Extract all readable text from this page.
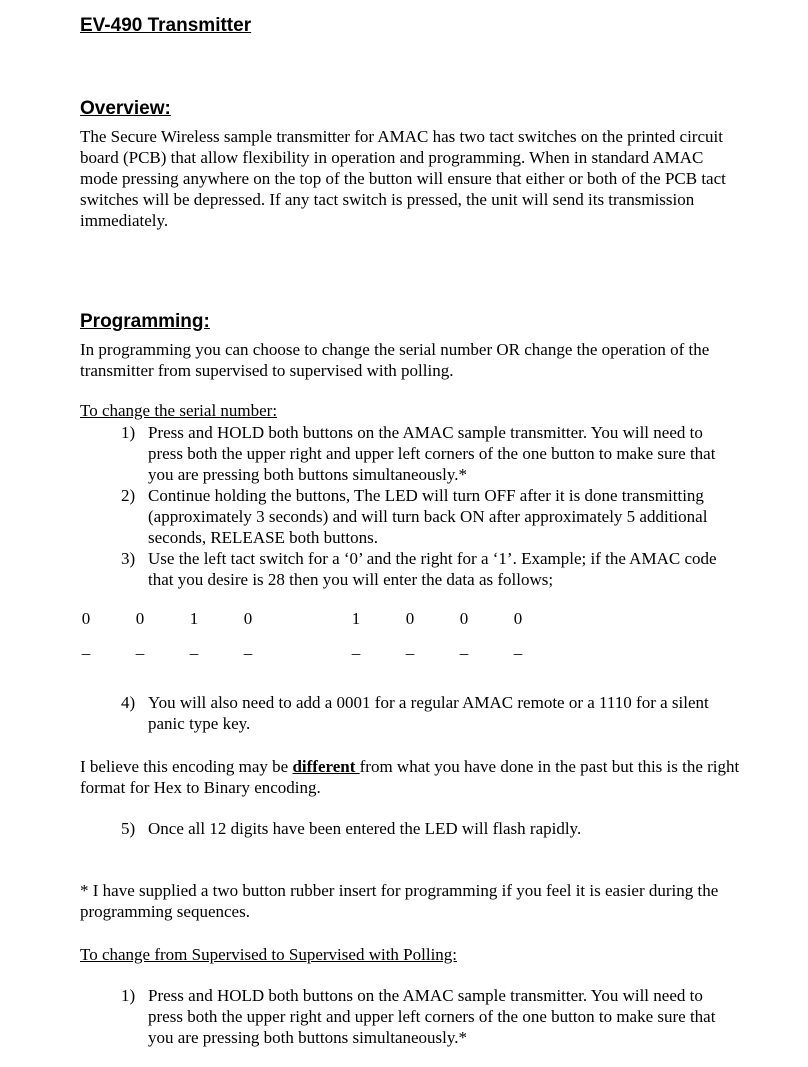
EV-490 Transmitter
Overview:

The Secure Wireless sample transmitter for AMAC has two tact switches on the printed circuit board (PCB) that allow flexibility in operation and programming. When in standard AMAC mode pressing anywhere on the top of the button will ensure that either or both of the PCB tact switches will be depressed. If any tact switch is pressed, the unit will send its transmission immediately.

Programming:

In programming you can choose to change the serial number OR change the operation of the transmitter from supervised to supervised with polling.

To change the serial number:

1) Press and HOLD both buttons on the AMAC sample transmitter. You will need to press both the upper right and upper left corners of the one button to make sure that you are pressing both buttons simultaneously.*
2) Continue holding the buttons, The LED will turn OFF after it is done transmitting (approximately 3 seconds) and will turn back ON after approximately 5 additional seconds, RELEASE both buttons.
3) Use the left tact switch for a ‘0’ and the right for a ‘1’. Example; if the AMAC code that you desire is 28 then you will enter the data as follows;
0
_
0
_
1
_
0
_
1
_
0
_
0
_
0
_
4) You will also need to add a 0001 for a regular AMAC remote or a 1110 for a silent panic type key.

I believe this encoding may be different from what you have done in the past but this is the right format for Hex to Binary encoding.

5) Once all 12 digits have been entered the LED will flash rapidly.

* I have supplied a two button rubber insert for programming if you feel it is easier during the programming sequences.

To change from Supervised to Supervised with Polling:

1) Press and HOLD both buttons on the AMAC sample transmitter. You will need to press both the upper right and upper left corners of the one button to make sure that you are pressing both buttons simultaneously.*
